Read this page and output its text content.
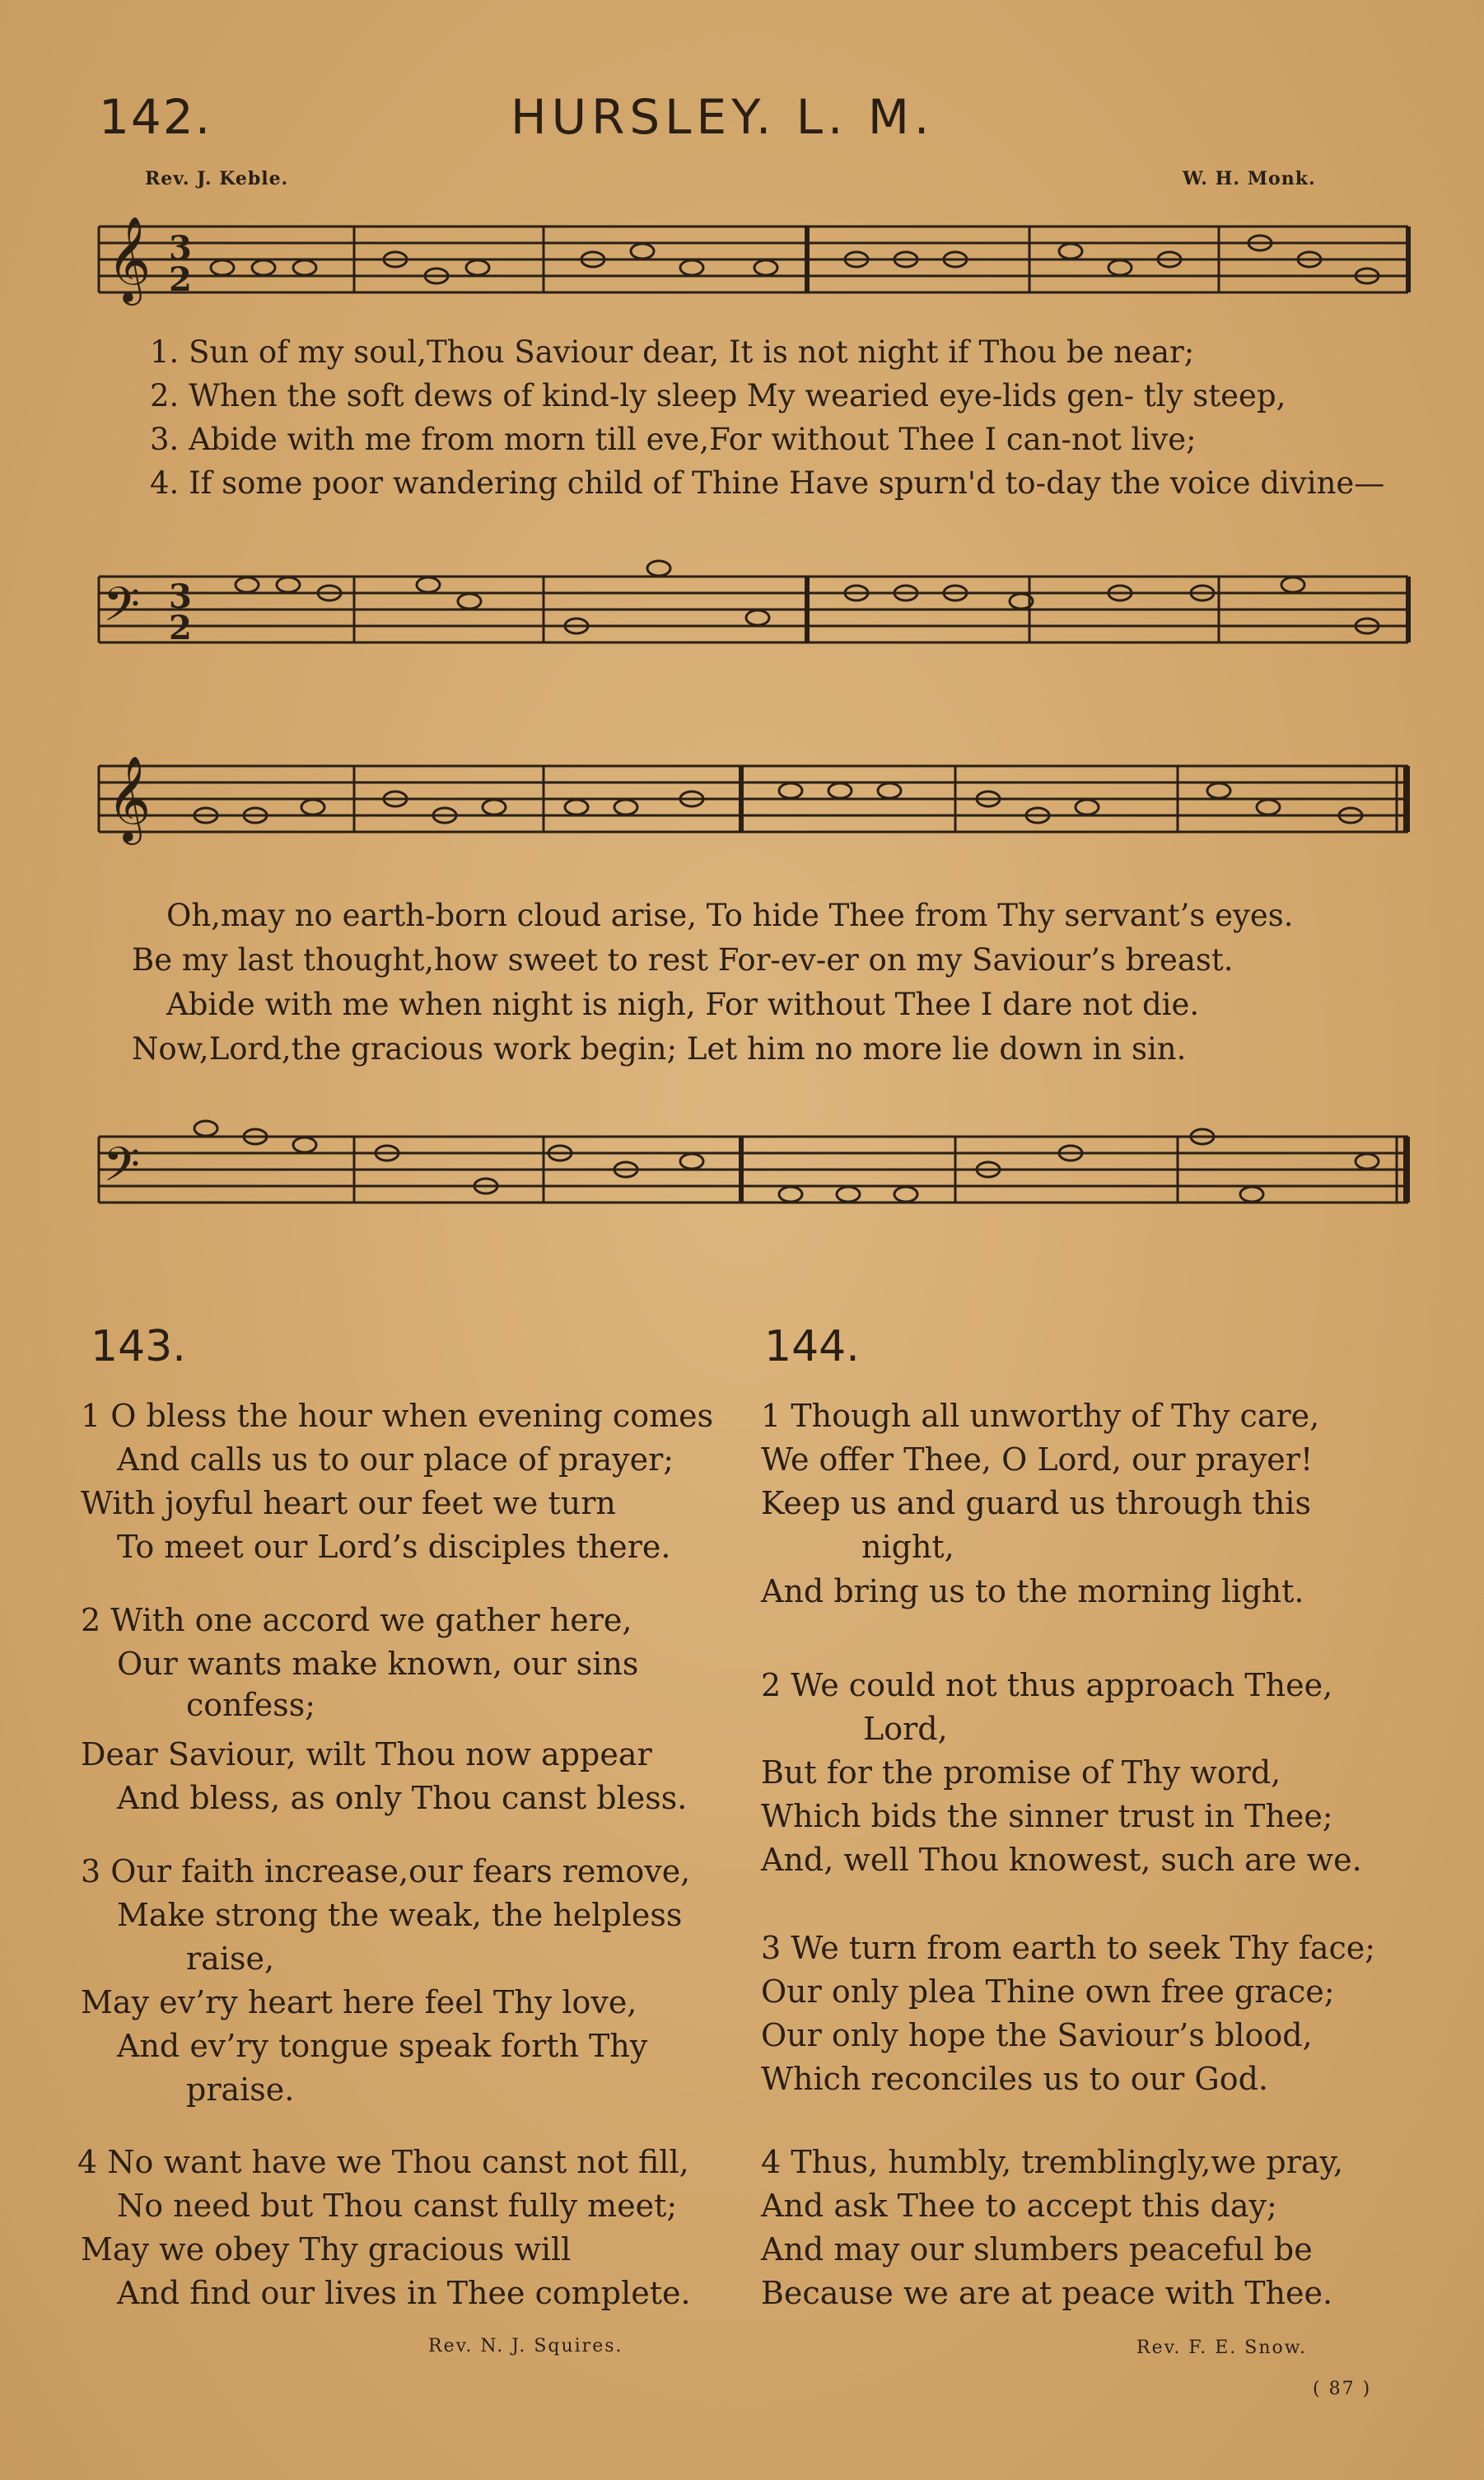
142.	HURSLEY. L. M.
Rev. J. Keble.	W. H. Monk.
𝄞 3
2
1. Sun of my soul,Thou Saviour dear, It is not night if Thou be near;
2. When the soft dews of kind-ly sleep My wearied eye-lids gen- tly steep,
3. Abide with me from morn till eve,For without Thee I can-not live;
4. If some poor wandering child of Thine Have spurn'd to-day the voice divine—
𝄢 3
2
𝄞
Oh,may no earth-born cloud arise, To hide Thee from Thy servant’s eyes.
Be my last thought,how sweet to rest For-ev-er on my Saviour’s breast.
Abide with me when night is nigh, For without Thee I dare not die.
Now,Lord,the gracious work begin; Let him no more lie down in sin.
𝄢
143.	144.
1 O bless the hour when evening comes
And calls us to our place of prayer;
With joyful heart our feet we turn
To meet our Lord’s disciples there.
2 With one accord we gather here,
Our wants make known, our sins
confess;
Dear Saviour, wilt Thou now appear
And bless, as only Thou canst bless.
3 Our faith increase,our fears remove,
Make strong the weak, the helpless
raise,
May ev’ry heart here feel Thy love,
And ev’ry tongue speak forth Thy
praise.
4 No want have we Thou canst not fill,
No need but Thou canst fully meet;
May we obey Thy gracious will
And find our lives in Thee complete.
Rev. N. J. Squires.
1 Though all unworthy of Thy care,
We offer Thee, O Lord, our prayer!
Keep us and guard us through this
night,
And bring us to the morning light.
2 We could not thus approach Thee,
Lord,
But for the promise of Thy word,
Which bids the sinner trust in Thee;
And, well Thou knowest, such are we.
3 We turn from earth to seek Thy face;
Our only plea Thine own free grace;
Our only hope the Saviour’s blood,
Which reconciles us to our God.
4 Thus, humbly, tremblingly,we pray,
And ask Thee to accept this day;
And may our slumbers peaceful be
Because we are at peace with Thee.
Rev. F. E. Snow.
( 87 )
